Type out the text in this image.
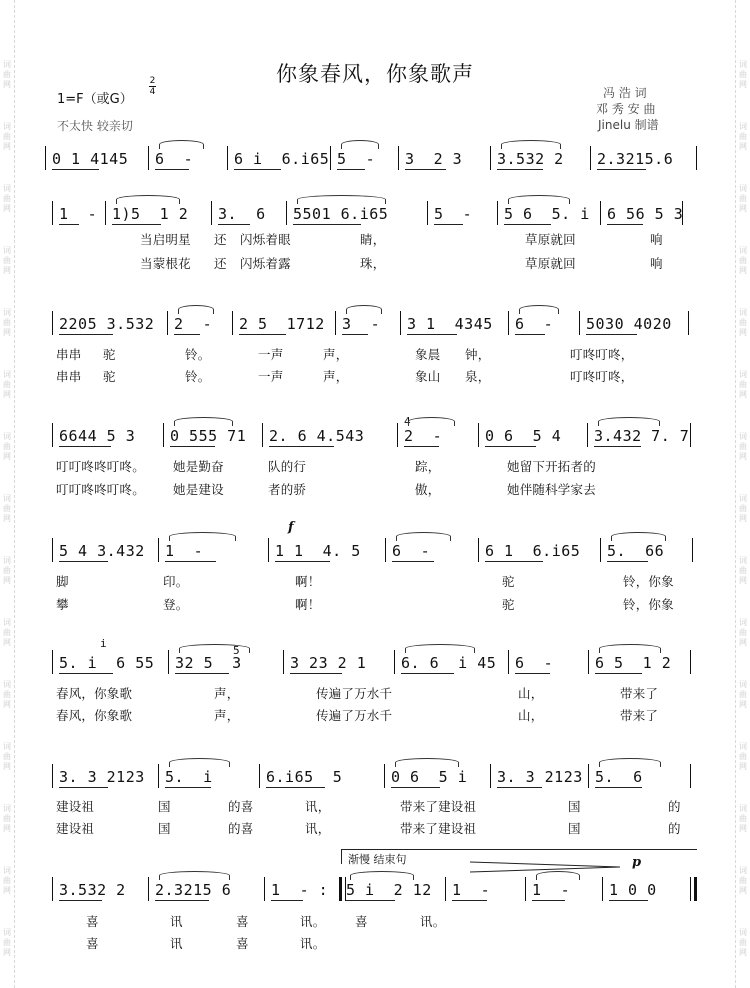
词曲网
词曲网
词曲网
词曲网
词曲网
词曲网
词曲网
词曲网
词曲网
词曲网
词曲网
词曲网
词曲网
词曲网
词曲网
词曲网
词曲网
词曲网
词曲网
词曲网
词曲网
词曲网
词曲网
词曲网
词曲网
词曲网
词曲网
词曲网
词曲网
词曲网
你象春风，你象歌声
1=F（或G）
2
4
不太快 较亲切
冯 浩 词
邓 秀 安 曲
Jinelu 制谱
渐慢 结束句	p
f
4
i
5
0 1 4145 6  -	6 i  6.i65 5  - 3  2 3 3.532 2 2.3215.6
1  - 1)5  1 2 3.  6 5501 6.i65	5  - 5 6  5. i 6 56 5 3
当启明星 还 闪烁着眼	睛，	草原就回	响
当蒙根花 还 闪烁着露	珠，	草原就回	响
2205 3.532 2  - 2 5  1712 3  - 3 1  4345 6  - 5030 4020
串串 驼	铃。	一声	声，	象晨 钟，	叮咚叮咚，
串串 驼	铃。	一声	声，	象山 泉，	叮咚叮咚，
6644 5 3 0 555 71 2. 6 4.543	2  -	0 6  5 4 3.432 7. 7
叮叮咚咚叮咚。 她是勤奋	队的行	踪，	她留下开拓者的
叮叮咚咚叮咚。 她是建设	者的骄	傲，	她伴随科学家去
5 4 3.432 1  -	1 1  4. 5 6  -	6 1  6.i65 5.  66
脚	印。	啊！	驼	铃，你象
攀	登。	啊！	驼	铃，你象
5. i  6 55 32 5  3	3 23 2 1 6. 6  i 45 6  -	6 5  1 2
春风，你象歌	声，	传遍了万水千	山，	带来了
春风，你象歌	声，	传遍了万水千	山，	带来了
3. 3 2123 5.  i	6.i65  5	0 6  5 i 3. 3 2123 5.  6
建设祖	国	的喜	讯，	带来了建设祖	国	的
建设祖	国	的喜	讯，	带来了建设祖	国	的
3.532 2 2.3215 6	1  - : 5 i  2 12 1  -	1  -	1 0 0
喜	讯	喜	讯。 喜	讯。
喜	讯	喜	讯。
